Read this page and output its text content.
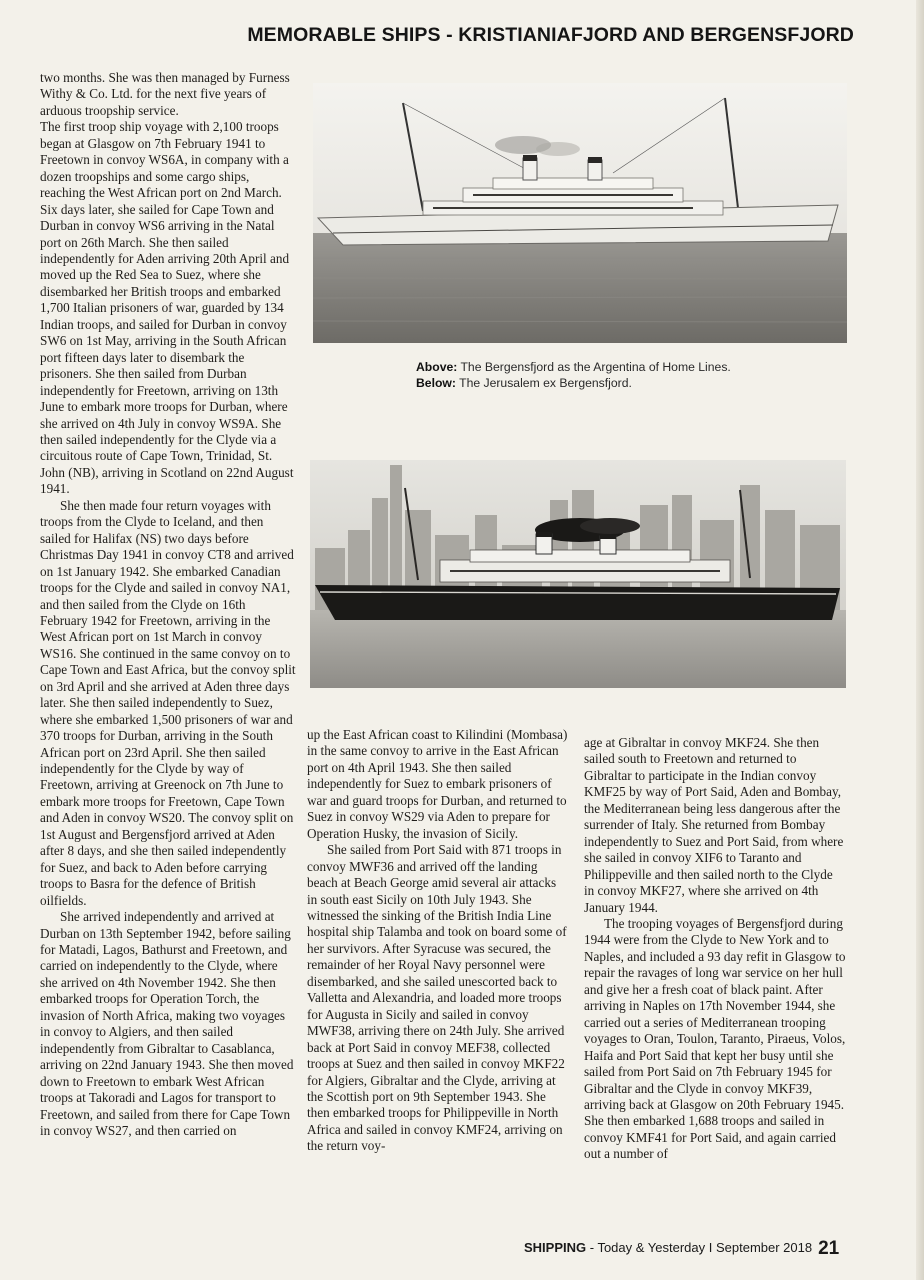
MEMORABLE SHIPS - KRISTIANIAFJORD AND BERGENSFJORD

two months. She was then managed by Furness Withy & Co. Ltd. for the next five years of arduous troopship service.

The first troop ship voyage with 2,100 troops began at Glasgow on 7th February 1941 to Freetown in convoy WS6A, in company with a dozen troopships and some cargo ships, reaching the West African port on 2nd March. Six days later, she sailed for Cape Town and Durban in convoy WS6 arriving in the Natal port on 26th March. She then sailed independently for Aden arriving 20th April and moved up the Red Sea to Suez, where she disembarked her British troops and embarked 1,700 Italian prisoners of war, guarded by 134 Indian troops, and sailed for Durban in convoy SW6 on 1st May, arriving in the South African port fifteen days later to disembark the prisoners. She then sailed from Durban independently for Freetown, arriving on 13th June to embark more troops for Durban, where she arrived on 4th July in convoy WS9A. She then sailed independently for the Clyde via a circuitous route of Cape Town, Trinidad, St. John (NB), arriving in Scotland on 22nd August 1941.

She then made four return voyages with troops from the Clyde to Iceland, and then sailed for Halifax (NS) two days before Christmas Day 1941 in convoy CT8 and arrived on 1st January 1942. She embarked Canadian troops for the Clyde and sailed in convoy NA1, and then sailed from the Clyde on 16th February 1942 for Freetown, arriving in the West African port on 1st March in convoy WS16. She continued in the same convoy on to Cape Town and East Africa, but the convoy split on 3rd April and she arrived at Aden three days later. She then sailed independently to Suez, where she embarked 1,500 prisoners of war and 370 troops for Durban, arriving in the South African port on 23rd April. She then sailed independently for the Clyde by way of Freetown, arriving at Greenock on 7th June to embark more troops for Freetown, Cape Town and Aden in convoy WS20. The convoy split on 1st August and Bergensfjord arrived at Aden after 8 days, and she then sailed independently for Suez, and back to Aden before carrying troops to Basra for the defence of British oilfields.

She arrived independently and arrived at Durban on 13th September 1942, before sailing for Matadi, Lagos, Bathurst and Freetown, and carried on independently to the Clyde, where she arrived on 4th November 1942. She then embarked troops for Operation Torch, the invasion of North Africa, making two voyages in convoy to Algiers, and then sailed independently from Gibraltar to Casablanca, arriving on 22nd January 1943. She then moved down to Freetown to embark West African troops at Takoradi and Lagos for transport to Freetown, and sailed from there for Cape Town in convoy WS27, and then carried on

Above: The Bergensfjord as the Argentina of Home Lines.
Below: The Jerusalem ex Bergensfjord.

up the East African coast to Kilindini (Mombasa) in the same convoy to arrive in the East African port on 4th April 1943. She then sailed independently for Suez to embark prisoners of war and guard troops for Durban, and returned to Suez in convoy WS29 via Aden to prepare for Operation Husky, the invasion of Sicily.

She sailed from Port Said with 871 troops in convoy MWF36 and arrived off the landing beach at Beach George amid several air attacks in south east Sicily on 10th July 1943. She witnessed the sinking of the British India Line hospital ship Talamba and took on board some of her survivors. After Syracuse was secured, the remainder of her Royal Navy personnel were disembarked, and she sailed unescorted back to Valletta and Alexandria, and loaded more troops for Augusta in Sicily and sailed in convoy MWF38, arriving there on 24th July. She arrived back at Port Said in convoy MEF38, collected troops at Suez and then sailed in convoy MKF22 for Algiers, Gibraltar and the Clyde, arriving at the Scottish port on 9th September 1943. She then embarked troops for Philippeville in North Africa and sailed in convoy KMF24, arriving on the return voy-

age at Gibraltar in convoy MKF24. She then sailed south to Freetown and returned to Gibraltar to participate in the Indian convoy KMF25 by way of Port Said, Aden and Bombay, the Mediterranean being less dangerous after the surrender of Italy. She returned from Bombay independently to Suez and Port Said, from where she sailed in convoy XIF6 to Taranto and Philippeville and then sailed north to the Clyde in convoy MKF27, where she arrived on 4th January 1944.

The trooping voyages of Bergensfjord during 1944 were from the Clyde to New York and to Naples, and included a 93 day refit in Glasgow to repair the ravages of long war service on her hull and give her a fresh coat of black paint. After arriving in Naples on 17th November 1944, she carried out a series of Mediterranean trooping voyages to Oran, Toulon, Taranto, Piraeus, Volos, Haifa and Port Said that kept her busy until she sailed from Port Said on 7th February 1945 for Gibraltar and the Clyde in convoy MKF39, arriving back at Glasgow on 20th February 1945. She then embarked 1,688 troops and sailed in convoy KMF41 for Port Said, and again carried out a number of

SHIPPING - Today & Yesterday I September 2018 21
